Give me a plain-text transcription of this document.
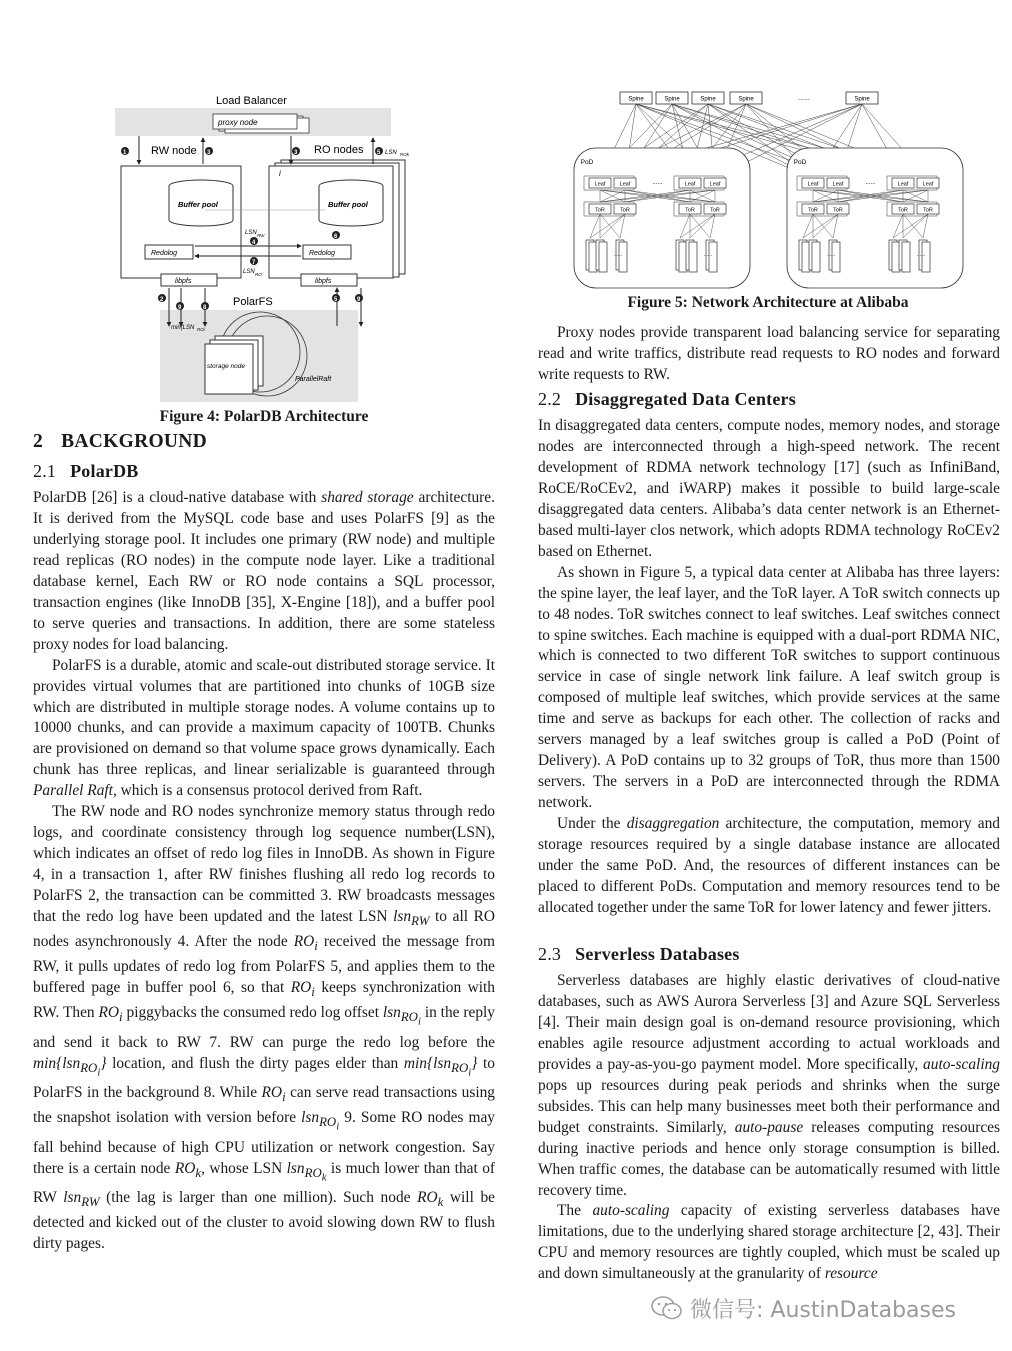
Load Balancer
proxy node
RW node
1	3
Buffer pool
Redolog
libpfs
RO nodes
i
3	5 LSN ROk
Buffer pool
Redolog
libpfs
6
LSN RW
4
7
LSN RO
PolarFS
storage node
ParallelRaft
2
9	8
5	9
min(LSN ROi

Figure 4: PolarDB Architecture

2 BACKGROUND
2.1 PolarDB

PolarDB [26] is a cloud-native database with shared storage architecture. It is derived from the MySQL code base and uses PolarFS [9] as the underlying storage pool. It includes one primary (RW node) and multiple read replicas (RO nodes) in the compute node layer. Like a traditional database kernel, Each RW or RO node contains a SQL processor, transaction engines (like InnoDB [35], X-Engine [18]), and a buffer pool to serve queries and transactions. In addition, there are some stateless proxy nodes for load balancing.

PolarFS is a durable, atomic and scale-out distributed storage service. It provides virtual volumes that are partitioned into chunks of 10GB size which are distributed in multiple storage nodes. A volume contains up to 10000 chunks, and can provide a maximum capacity of 100TB. Chunks are provisioned on demand so that volume space grows dynamically. Each chunk has three replicas, and linear serializable is guaranteed through Parallel Raft, which is a consensus protocol derived from Raft.

The RW node and RO nodes synchronize memory status through redo logs, and coordinate consistency through log sequence number(LSN), which indicates an offset of redo log files in InnoDB. As shown in Figure 4, in a transaction 1, after RW finishes flushing all redo log records to PolarFS 2, the transaction can be committed 3. RW broadcasts messages that the redo log have been updated and the latest LSN lsn$_{RW}$ to all RO nodes asynchronously 4. After the node $RO_i$ received the message from RW, it pulls updates of redo log from PolarFS 5, and applies them to the buffered page in buffer pool 6, so that $RO_i$ keeps synchronization with RW. Then $RO_i$ piggybacks the consumed redo log offset lsn$_{RO_i}$ in the reply and send it back to RW 7. RW can purge the redo log before the min{lsn$_{RO_i}$} location, and flush the dirty pages elder than min{lsn$_{RO_i}$} to PolarFS in the background 8. While $RO_i$ can serve read transactions using the snapshot isolation with version before lsn$_{RO_i}$ 9. Some RO nodes may fall behind because of high CPU utilization or network congestion. Say there is a certain node $RO_k$, whose LSN lsn$_{RO_k}$ is much lower than that of RW lsn$_{RW}$ (the lag is larger than one million). Such node $RO_k$ will be detected and kicked out of the cluster to avoid slowing down RW to flush dirty pages.

PoD	PoD
Spine	Spine	Spine	Spine	Spine
......
Leaf	Leaf	Leaf	Leaf
ToR	ToR	ToR	ToR
......
......	......
Leaf	Leaf	Leaf	Leaf
ToR	ToR	ToR	ToR
......
......	......

Figure 5: Network Architecture at Alibaba

Proxy nodes provide transparent load balancing service for separating read and write traffics, distribute read requests to RO nodes and forward write requests to RW.

2.2 Disaggregated Data Centers

In disaggregated data centers, compute nodes, memory nodes, and storage nodes are interconnected through a high-speed network. The recent development of RDMA network technology [17] (such as InfiniBand, RoCE/RoCEv2, and iWARP) makes it possible to build large-scale disaggregated data centers. Alibaba’s data center network is an Ethernet-based multi-layer clos network, which adopts RDMA technology RoCEv2 based on Ethernet.

As shown in Figure 5, a typical data center at Alibaba has three layers: the spine layer, the leaf layer, and the ToR layer. A ToR switch connects up to 48 nodes. ToR switches connect to leaf switches. Leaf switches connect to spine switches. Each machine is equipped with a dual-port RDMA NIC, which is connected to two different ToR switches to support continuous service in case of single network link failure. A leaf switch group is composed of multiple leaf switches, which provide services at the same time and serve as backups for each other. The collection of racks and servers managed by a leaf switches group is called a PoD (Point of Delivery). A PoD contains up to 32 groups of ToR, thus more than 1500 servers. The servers in a PoD are interconnected through the RDMA network.

Under the disaggregation architecture, the computation, memory and storage resources required by a single database instance are allocated under the same PoD. And, the resources of different instances can be placed to different PoDs. Computation and memory resources tend to be allocated together under the same ToR for lower latency and fewer jitters.

2.3 Serverless Databases

Serverless databases are highly elastic derivatives of cloud-native databases, such as AWS Aurora Serverless [3] and Azure SQL Serverless [4]. Their main design goal is on-demand resource provisioning, which enables agile resource adjustment according to actual workloads and provides a pay-as-you-go payment model. More specifically, auto-scaling pops up resources during peak periods and shrinks when the surge subsides. This can help many businesses meet both their performance and budget constraints. Similarly, auto-pause releases computing resources during inactive periods and hence only storage consumption is billed. When traffic comes, the database can be automatically resumed with little recovery time.

The auto-scaling capacity of existing serverless databases have limitations, due to the underlying shared storage architecture [2, 43]. Their CPU and memory resources are tightly coupled, which must be scaled up and down simultaneously at the granularity of resource

微信号: AustinDatabases
